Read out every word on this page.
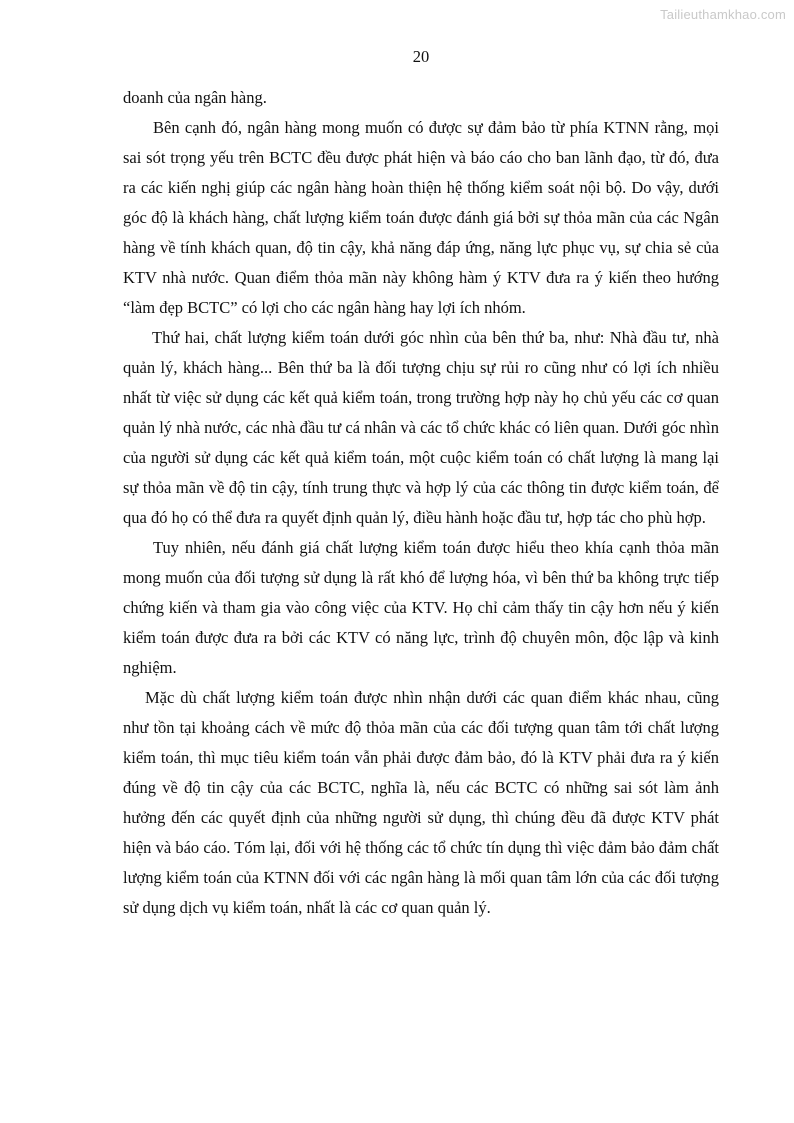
Tailieuthamkhao.com
20

doanh của ngân hàng.

Bên cạnh đó, ngân hàng mong muốn có được sự đảm bảo từ phía KTNN rằng, mọi sai sót trọng yếu trên BCTC đều được phát hiện và báo cáo cho ban lãnh đạo, từ đó, đưa ra các kiến nghị giúp các ngân hàng hoàn thiện hệ thống kiểm soát nội bộ. Do vậy, dưới góc độ là khách hàng, chất lượng kiểm toán được đánh giá bởi sự thỏa mãn của các Ngân hàng về tính khách quan, độ tin cậy, khả năng đáp ứng, năng lực phục vụ, sự chia sẻ của KTV nhà nước. Quan điểm thỏa mãn này không hàm ý KTV đưa ra ý kiến theo hướng “làm đẹp BCTC” có lợi cho các ngân hàng hay lợi ích nhóm.

Thứ hai, chất lượng kiểm toán dưới góc nhìn của bên thứ ba, như: Nhà đầu tư, nhà quản lý, khách hàng... Bên thứ ba là đối tượng chịu sự rủi ro cũng như có lợi ích nhiều nhất từ việc sử dụng các kết quả kiểm toán, trong trường hợp này họ chủ yếu các cơ quan quản lý nhà nước, các nhà đầu tư cá nhân và các tổ chức khác có liên quan. Dưới góc nhìn của người sử dụng các kết quả kiểm toán, một cuộc kiểm toán có chất lượng là mang lại sự thỏa mãn về độ tin cậy, tính trung thực và hợp lý của các thông tin được kiểm toán, để qua đó họ có thể đưa ra quyết định quản lý, điều hành hoặc đầu tư, hợp tác cho phù hợp.

Tuy nhiên, nếu đánh giá chất lượng kiểm toán được hiểu theo khía cạnh thỏa mãn mong muốn của đối tượng sử dụng là rất khó để lượng hóa, vì bên thứ ba không trực tiếp chứng kiến và tham gia vào công việc của KTV. Họ chỉ cảm thấy tin cậy hơn nếu ý kiến kiểm toán được đưa ra bởi các KTV có năng lực, trình độ chuyên môn, độc lập và kinh nghiệm.

Mặc dù chất lượng kiểm toán được nhìn nhận dưới các quan điểm khác nhau, cũng như tồn tại khoảng cách về mức độ thỏa mãn của các đối tượng quan tâm tới chất lượng kiểm toán, thì mục tiêu kiểm toán vẫn phải được đảm bảo, đó là KTV phải đưa ra ý kiến đúng về độ tin cậy của các BCTC, nghĩa là, nếu các BCTC có những sai sót làm ảnh hưởng đến các quyết định của những người sử dụng, thì chúng đều đã được KTV phát hiện và báo cáo. Tóm lại, đối với hệ thống các tổ chức tín dụng thì việc đảm bảo đảm chất lượng kiểm toán của KTNN đối với các ngân hàng là mối quan tâm lớn của các đối tượng sử dụng dịch vụ kiểm toán, nhất là các cơ quan quản lý.
